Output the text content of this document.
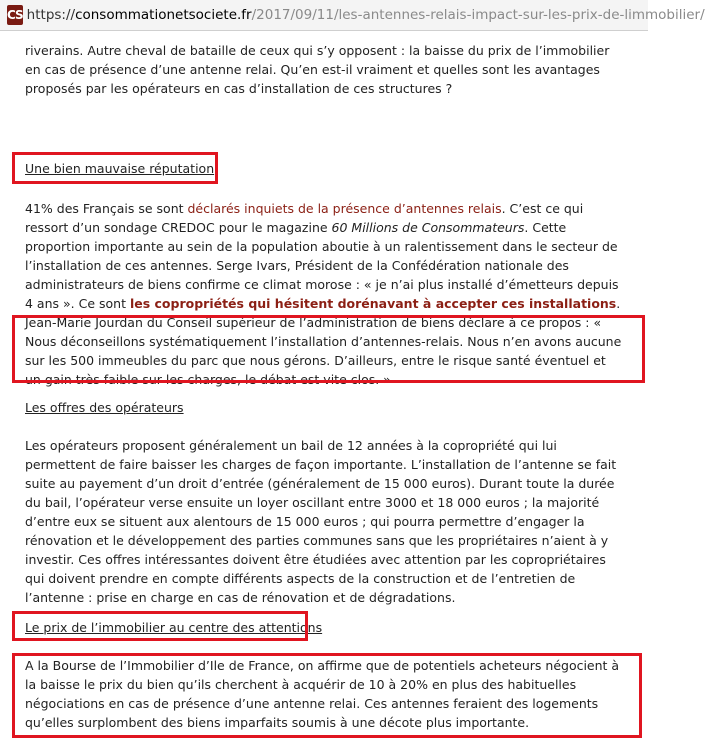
CS https://consommationetsociete.fr/2017/09/11/les-antennes-relais-impact-sur-les-prix-de-limmobilier/

riverains. Autre cheval de bataille de ceux qui s’y opposent : la baisse du prix de l’immobilier en cas de présence d’une antenne relai. Qu’en est-il vraiment et quelles sont les avantages proposés par les opérateurs en cas d’installation de ces structures ?

Une bien mauvaise réputation

41% des Français se sont déclarés inquiets de la présence d’antennes relais. C’est ce qui ressort d’un sondage CREDOC pour le magazine 60 Millions de Consommateurs. Cette proportion importante au sein de la population aboutie à un ralentissement dans le secteur de l’installation de ces antennes. Serge Ivars, Président de la Confédération nationale des administrateurs de biens confirme ce climat morose : « je n’ai plus installé d’émetteurs depuis 4 ans ». Ce sont les copropriétés qui hésitent dorénavant à accepter ces installations. Jean-Marie Jourdan du Conseil supérieur de l’administration de biens déclare à ce propos : « Nous déconseillons systématiquement l’installation d’antennes-relais. Nous n’en avons aucune sur les 500 immeubles du parc que nous gérons. D’ailleurs, entre le risque santé éventuel et un gain très faible sur les charges, le débat est vite clos. »

Les offres des opérateurs

Les opérateurs proposent généralement un bail de 12 années à la copropriété qui lui permettent de faire baisser les charges de façon importante. L’installation de l’antenne se fait suite au payement d’un droit d’entrée (généralement de 15 000 euros). Durant toute la durée du bail, l’opérateur verse ensuite un loyer oscillant entre 3000 et 18 000 euros ; la majorité d’entre eux se situent aux alentours de 15 000 euros ; qui pourra permettre d’engager la rénovation et le développement des parties communes sans que les propriétaires n’aient à y investir. Ces offres intéressantes doivent être étudiées avec attention par les copropriétaires qui doivent prendre en compte différents aspects de la construction et de l’entretien de l’antenne : prise en charge en cas de rénovation et de dégradations.

Le prix de l’immobilier au centre des attentions

A la Bourse de l’Immobilier d’Ile de France, on affirme que de potentiels acheteurs négocient à la baisse le prix du bien qu’ils cherchent à acquérir de 10 à 20% en plus des habituelles négociations en cas de présence d’une antenne relai. Ces antennes feraient des logements qu’elles surplombent des biens imparfaits soumis à une décote plus importante.
